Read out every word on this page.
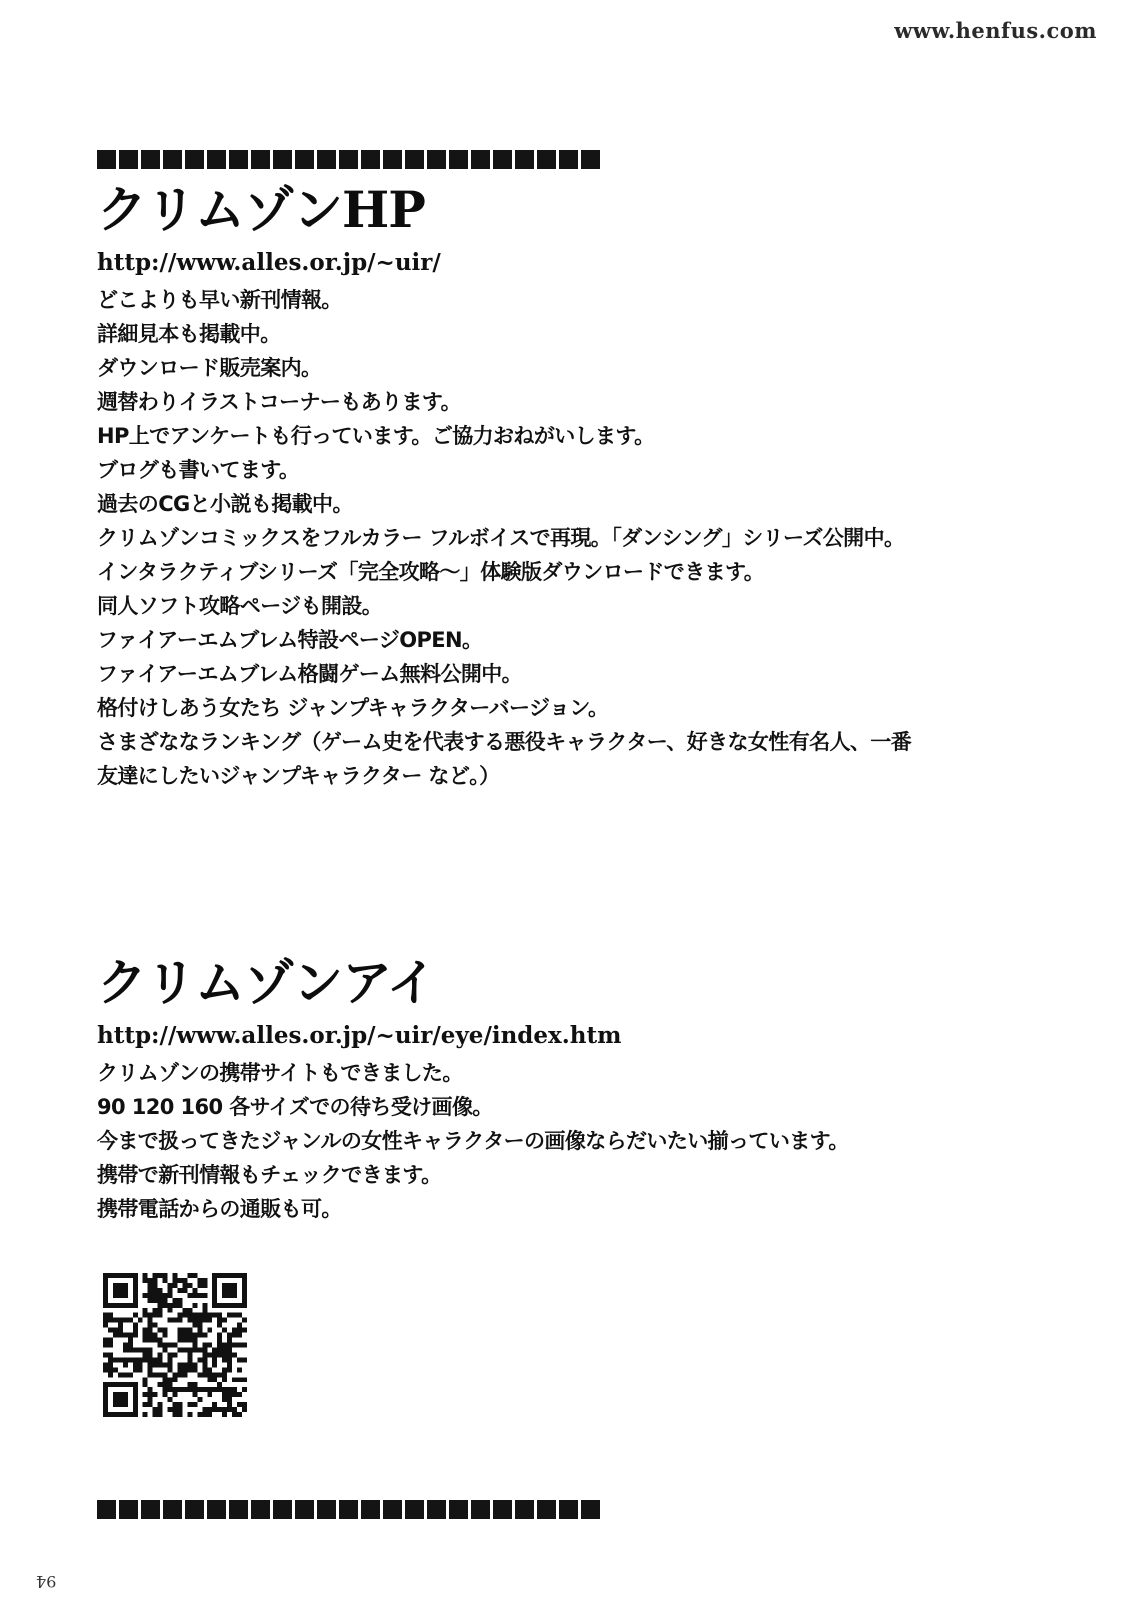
www.henfus.com
クリムゾンHP
http://www.alles.or.jp/~uir/
どこよりも早い新刊情報。
詳細見本も掲載中。
ダウンロード販売案内。
週替わりイラストコーナーもあります。
HP上でアンケートも行っています。ご協力おねがいします。
ブログも書いてます。
過去のCGと小説も掲載中。
クリムゾンコミックスをフルカラー フルボイスで再現。「ダンシング」シリーズ公開中。
インタラクティブシリーズ「完全攻略～」体験版ダウンロードできます。
同人ソフト攻略ページも開設。
ファイアーエムブレム特設ページOPEN。
ファイアーエムブレム格闘ゲーム無料公開中。
格付けしあう女たち ジャンプキャラクターバージョン。
さまざななランキング（ゲーム史を代表する悪役キャラクター、好きな女性有名人、一番
友達にしたいジャンプキャラクター など。）
クリムゾンアイ
http://www.alles.or.jp/~uir/eye/index.htm
クリムゾンの携帯サイトもできました。
90 120 160 各サイズでの待ち受け画像。
今まで扱ってきたジャンルの女性キャラクターの画像ならだいたい揃っています。
携帯で新刊情報もチェックできます。
携帯電話からの通販も可。
94
